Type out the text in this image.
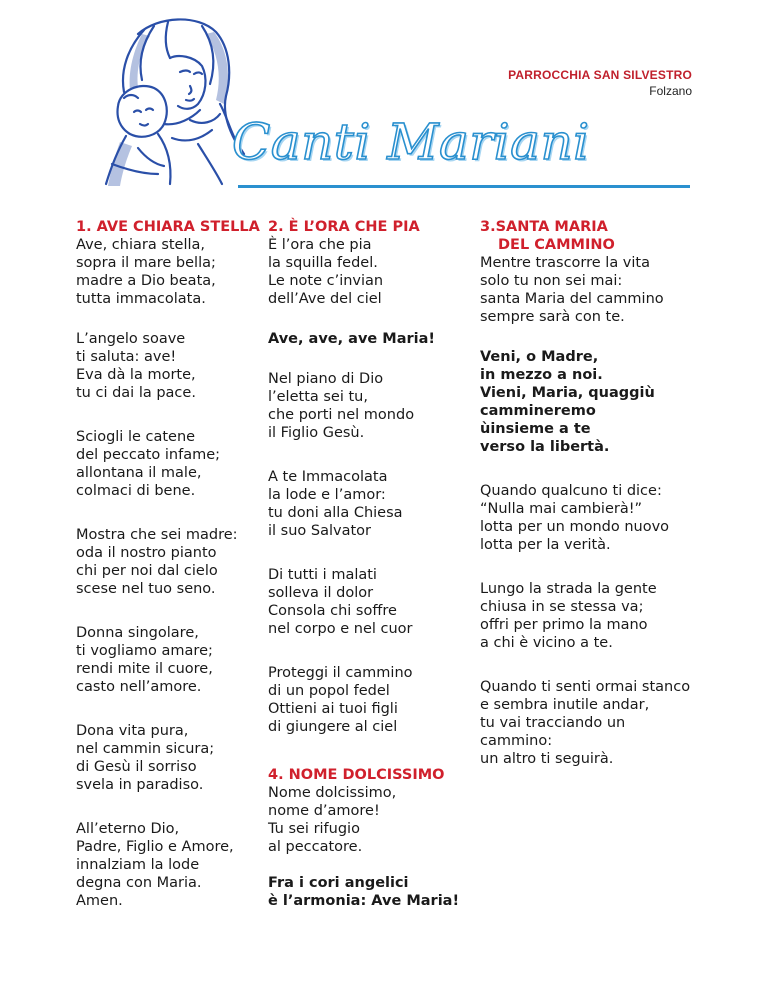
PARROCCHIA SAN SILVESTRO
Folzano
Canti Mariani
1. AVE CHIARA STELLA
Ave, chiara stella,
sopra il mare bella;
madre a Dio beata,
tutta immacolata.
L’angelo soave
ti saluta: ave!
Eva dà la morte,
tu ci dai la pace.
Sciogli le catene
del peccato infame;
allontana il male,
colmaci di bene.
Mostra che sei madre:
oda il nostro pianto
chi per noi dal cielo
scese nel tuo seno.
Donna singolare,
ti vogliamo amare;
rendi mite il cuore,
casto nell’amore.
Dona vita pura,
nel cammin sicura;
di Gesù il sorriso
svela in paradiso.
All’eterno Dio,
Padre, Figlio e Amore,
innalziam la lode
degna con Maria.
Amen.
2. È L’ORA CHE PIA
È l’ora che pia
la squilla fedel.
Le note c’invian
dell’Ave del ciel
Ave, ave, ave Maria!
Nel piano di Dio
l’eletta sei tu,
che porti nel mondo
il Figlio Gesù.
A te Immacolata
la lode e l’amor:
tu doni alla Chiesa
il suo Salvator
Di tutti i malati
solleva il dolor
Consola chi soffre
nel corpo e nel cuor
Proteggi il cammino
di un popol fedel
Ottieni ai tuoi figli
di giungere al ciel
4. NOME DOLCISSIMO
Nome dolcissimo,
nome d’amore!
Tu sei rifugio
al peccatore.
Fra i cori angelici
è l’armonia: Ave Maria!
3.SANTA MARIA
DEL CAMMINO
Mentre trascorre la vita
solo tu non sei mai:
santa Maria del cammino
sempre sarà con te.
Veni, o Madre,
in mezzo a noi.
Vieni, Maria, quaggiù
cammineremo
ùinsieme a te
verso la libertà.
Quando qualcuno ti dice:
“Nulla mai cambierà!”
lotta per un mondo nuovo
lotta per la verità.
Lungo la strada la gente
chiusa in se stessa va;
offri per primo la mano
a chi è vicino a te.
Quando ti senti ormai stanco
e sembra inutile andar,
tu vai tracciando un cammino:
un altro ti seguirà.
